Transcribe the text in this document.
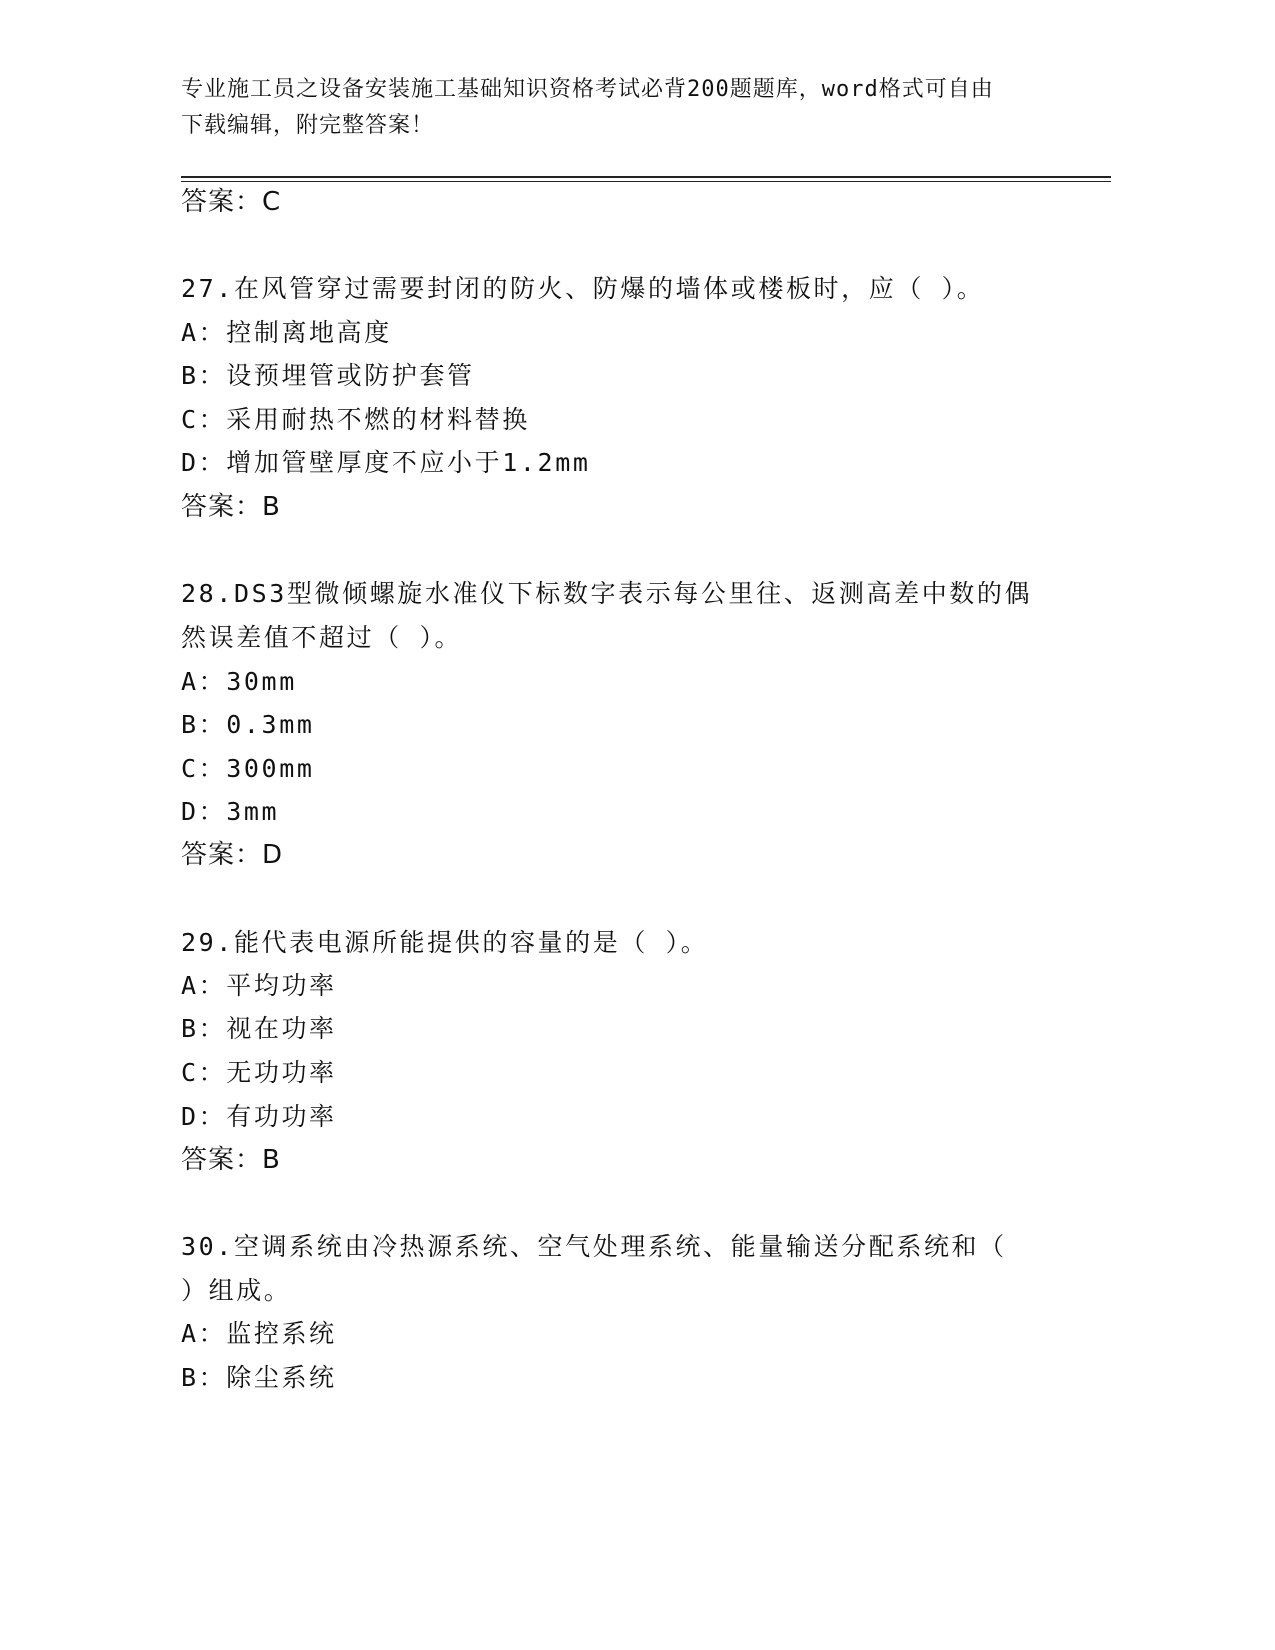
专业施工员之设备安装施工基础知识资格考试必背200题题库，word格式可自由
下载编辑，附完整答案！
答案：C
27.在风管穿过需要封闭的防火、防爆的墙体或楼板时，应（ ）。
A：控制离地高度
B：设预埋管或防护套管
C：采用耐热不燃的材料替换
D：增加管壁厚度不应小于1.2mm
答案：B
28.DS3型微倾螺旋水准仪下标数字表示每公里往、返测高差中数的偶
然误差值不超过（ ）。
A：30mm
B：0.3mm
C：300mm
D：3mm
答案：D
29.能代表电源所能提供的容量的是（ ）。
A：平均功率
B：视在功率
C：无功功率
D：有功功率
答案：B
30.空调系统由冷热源系统、空气处理系统、能量输送分配系统和（
）组成。
A：监控系统
B：除尘系统
